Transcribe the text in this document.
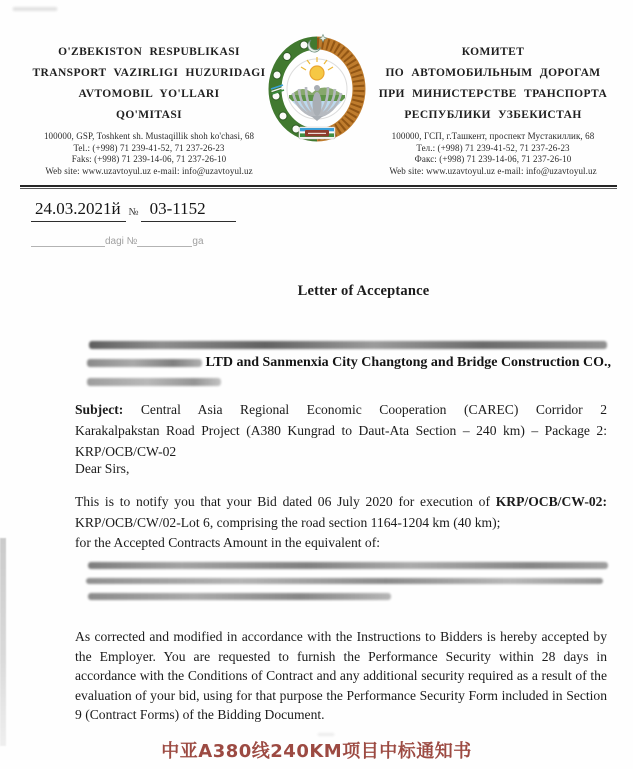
O'ZBEKISTON RESPUBLIKASI
TRANSPORT VAZIRLIGI HUZURIDAGI
AVTOMOBIL YO'LLARI
QO'MITASI
100000, GSP, Toshkent sh. Mustaqillik shoh ko'chasi, 68
Tel.: (+998) 71 239-41-52, 71 237-26-23
Faks: (+998) 71 239-14-06, 71 237-26-10
Web site: www.uzavtoyul.uz e-mail: info@uzavtoyul.uz
КОМИТЕТ
ПО АВТОМОБИЛЬНЫМ ДОРОГАМ
ПРИ МИНИСТЕРСТВЕ ТРАНСПОРТА
РЕСПУБЛИКИ УЗБЕКИСТАН
100000, ГСП, г.Ташкент, проспект Мустакиллик, 68
Тел.: (+998) 71 239-41-52, 71 237-26-23
Факс: (+998) 71 239-14-06, 71 237-26-10
Web site: www.uzavtoyul.uz e-mail: info@uzavtoyul.uz
24.03.2021й № 03-1152
dagi №	ga
Letter of Acceptance
LTD and Sanmenxia City Changtong and Bridge Construction CO.,
Subject: Central Asia Regional Economic Cooperation (CAREC) Corridor 2
Karakalpakstan Road Project (A380 Kungrad to Daut-Ata Section – 240 km) – Package 2:
KRP/OCB/CW-02
Dear Sirs,
This is to notify you that your Bid dated 06 July 2020 for execution of KRP/OCB/CW-02:
KRP/OCB/CW/02-Lot 6, comprising the road section 1164-1204 km (40 km);
for the Accepted Contracts Amount in the equivalent of:
As corrected and modified in accordance with the Instructions to Bidders is hereby accepted by the Employer. You are requested to furnish the Performance Security within 28 days in accordance with the Conditions of Contract and any additional security required as a result of the evaluation of your bid, using for that purpose the Performance Security Form included in Section 9 (Contract Forms) of the Bidding Document.
中亚A380线240KM项目中标通知书
